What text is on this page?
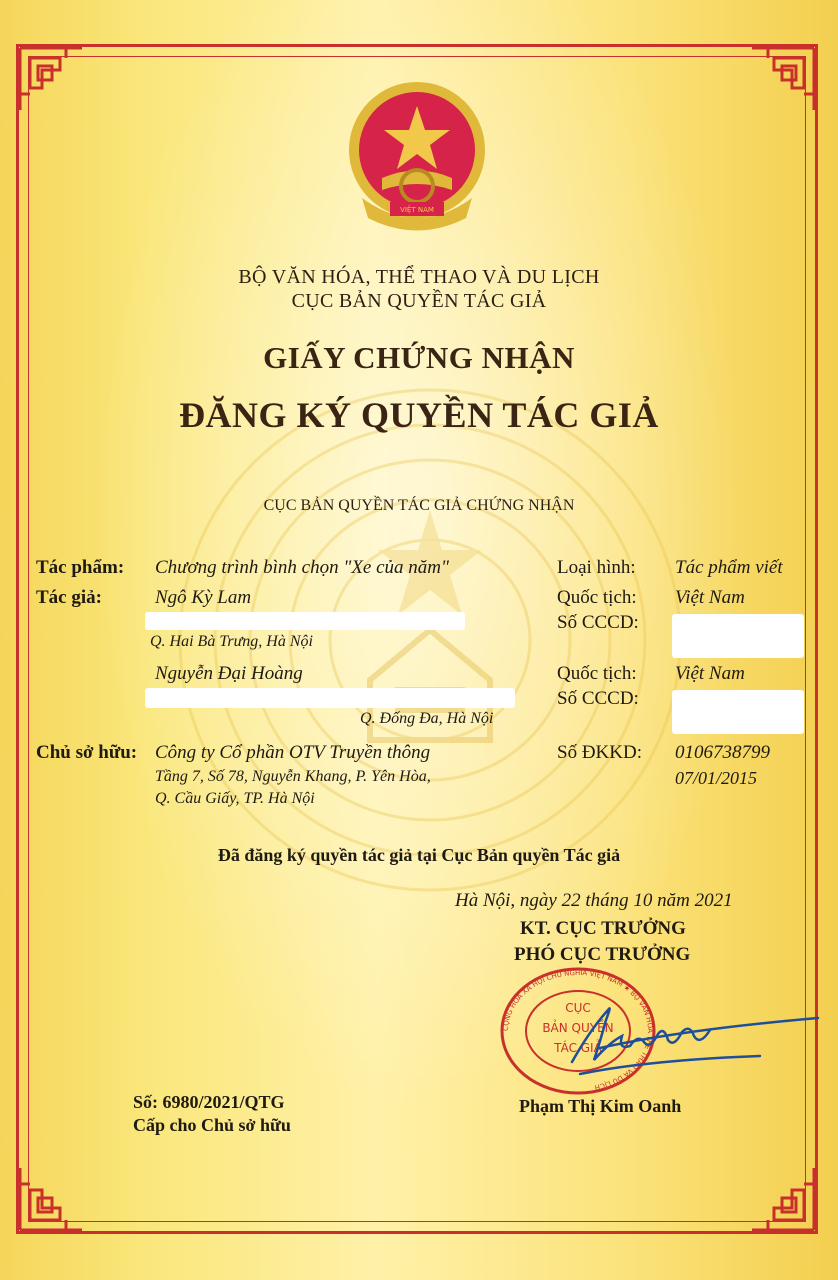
VIỆT NAM
BỘ VĂN HÓA, THỂ THAO VÀ DU LỊCH
CỤC BẢN QUYỀN TÁC GIẢ
GIẤY CHỨNG NHẬN
ĐĂNG KÝ QUYỀN TÁC GIẢ
CỤC BẢN QUYỀN TÁC GIẢ CHỨNG NHẬN
Tác phẩm: Chương trình bình chọn "Xe của năm"	Loại hình: Tác phẩm viết
Tác giả:	Ngô Kỳ Lam
Q. Hai Bà Trưng, Hà Nội
Quốc tịch: Việt Nam
Số CCCD:
Nguyễn Đại Hoàng
Q. Đống Đa, Hà Nội
Quốc tịch: Việt Nam
Số CCCD:
Chủ sở hữu: Công ty Cổ phần OTV Truyền thông
Tầng 7, Số 78, Nguyễn Khang, P. Yên Hòa,
Q. Cầu Giấy, TP. Hà Nội
Số ĐKKD: 0106738799
07/01/2015
Đã đăng ký quyền tác giả tại Cục Bản quyền Tác giả
Hà Nội, ngày 22 tháng 10 năm 2021
KT. CỤC TRƯỞNG
PHÓ CỤC TRƯỞNG
CỤC
BẢN QUYỀN
TÁC GIẢ
CỘNG HÒA XÃ HỘI CHỦ NGHĨA VIỆT NAM ★ BỘ VĂN HÓA THỂ THAO VÀ DU LỊCH
Phạm Thị Kim Oanh
Số: 6980/2021/QTG
Cấp cho Chủ sở hữu
